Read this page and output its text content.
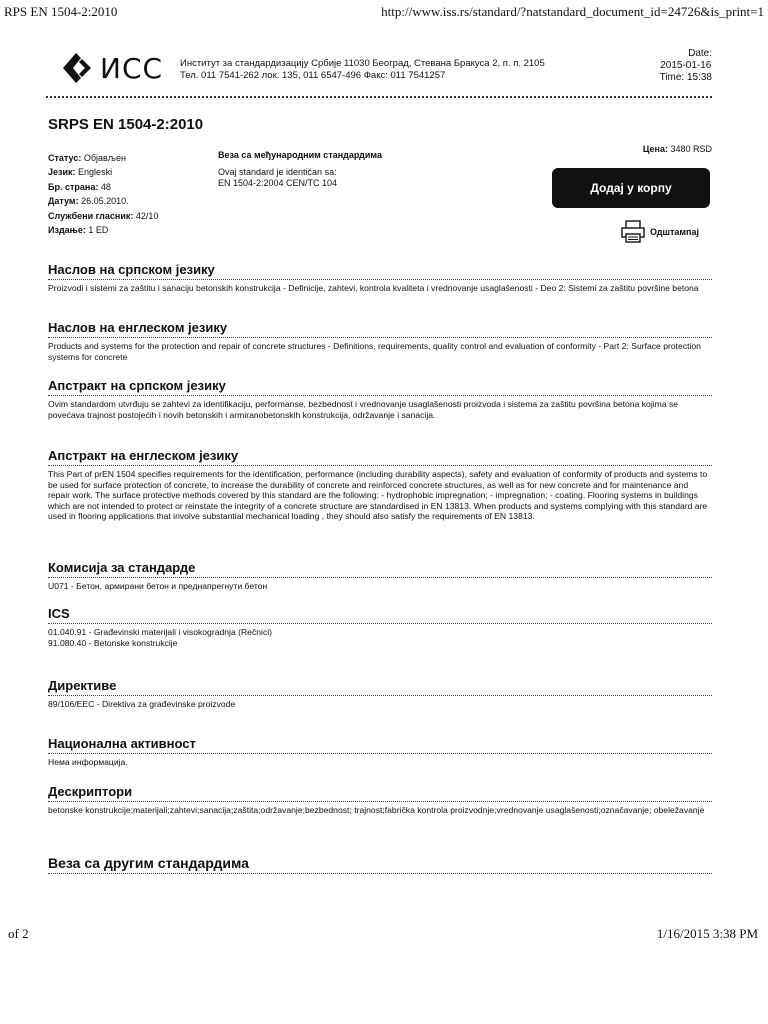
RPS EN 1504-2:2010	http://www.iss.rs/standard/?natstandard_document_id=24726&is_print=1
ИСС Институт за стандардизацију Србије 11030 Београд, Стевана Бракуса 2, п. п. 2105
Тел. 011 7541-262 лок. 135, 011 6547-496 Факс: 011 7541257
Date:
2015-01-16
Time: 15:38
SRPS EN 1504-2:2010
Статус: Објављен
Језик: Engleski
Бр. страна: 48
Датум: 26.05.2010.
Службени гласник: 42/10
Издање: 1 ED
Веза са међународним стандардима
Ovaj standard je identičan sa:
EN 1504-2:2004 CEN/TC 104
Цена: 3480 RSD
Додај у корпу
Одштампај
Наслов на српском језику

Proizvodi i sistemi za zaštitu i sanaciju betonskih konstrukcija - Definicije, zahtevi, kontrola kvaliteta i vrednovanje usaglašenosti - Deo 2: Sistemi za zaštitu površine betona

Наслов на енглеском језику

Products and systems for the protection and repair of concrete structures - Definitions, requirements, quality control and evaluation of conformity - Part 2: Surface protection systems for concrete

Апстракт на српском језику

Ovim standardom utvrđuju se zahtevi za identifikaciju, performanse, bezbednost i vrednovanje usaglašenosti proizvoda i sistema za zaštitu površina betona kojima se povećava trajnost postojećih i novih betonskih i armiranobetonskih konstrukcija, održavanje i sanacija.

Апстракт на енглеском језику

This Part of prEN 1504 specifies requirements for the identification, performance (including durability aspects), safety and evaluation of conformity of products and systems to be used for surface protection of concrete, to increase the durability of concrete and reinforced concrete structures, as well as for new concrete and for maintenance and repair work. The surface protective methods covered by this standard are the following: - hydrophobic impregnation; - impregnation; - coating. Flooring systems in buildings which are not intended to protect or reinstate the integrity of a concrete structure are standardised in EN 13813. When products and systems complying with this standard are used in flooring applications that involve substantial mechanical loading , they should also satisfy the requirements of EN 13813.

Комисија за стандарде

U071 - Бетон, армирани бетон и преднапрегнути бетон

ICS

01.040.91 - Građevinski materijali i visokogradnja (Rečnici)
91.080.40 - Betonske konstrukcije

Директиве

89/106/EEC - Direktiva za građevinske proizvode

Национална активност

Нема информација.

Дескриптори

betonske konstrukcije;materijali;zahtevi;sanacija;zaštita;održavanje;bezbednost; trajnost;fabrička kontrola proizvodnje;vrednovanje usaglašenosti;označavanje; obeležavanje

Веза са другим стандардима
of 2	1/16/2015 3:38 PM
